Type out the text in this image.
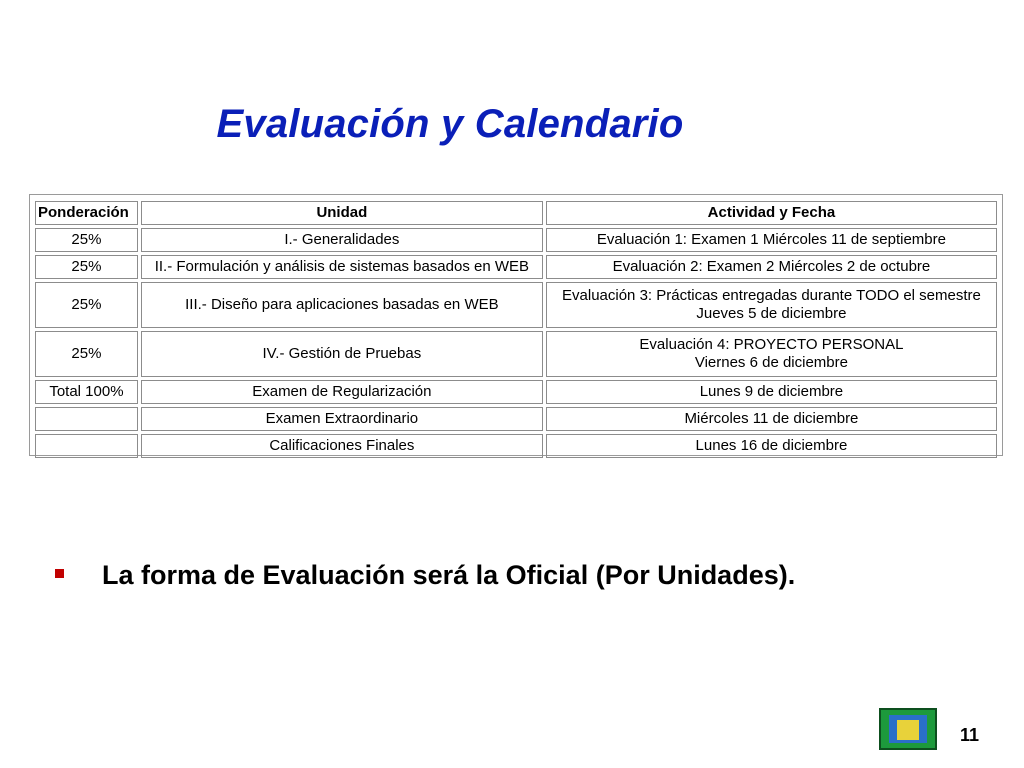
Evaluación y Calendario
Ponderación	Unidad	Actividad y Fecha
25%	I.- Generalidades	Evaluación 1: Examen 1 Miércoles 11 de septiembre
25%	II.- Formulación y análisis de sistemas basados en WEB	Evaluación 2: Examen 2 Miércoles 2 de octubre
25%	III.- Diseño para aplicaciones basadas en WEB	Evaluación 3: Prácticas entregadas durante TODO el semestre
Jueves 5 de diciembre

25%	IV.- Gestión de Pruebas	Evaluación 4: PROYECTO PERSONAL
Viernes 6 de diciembre

Total 100%	Examen de Regularización	Lunes 9 de diciembre
	Examen Extraordinario	Miércoles 11 de diciembre
	Calificaciones Finales	Lunes 16 de diciembre
La forma de Evaluación será la Oficial (Por Unidades).
11
